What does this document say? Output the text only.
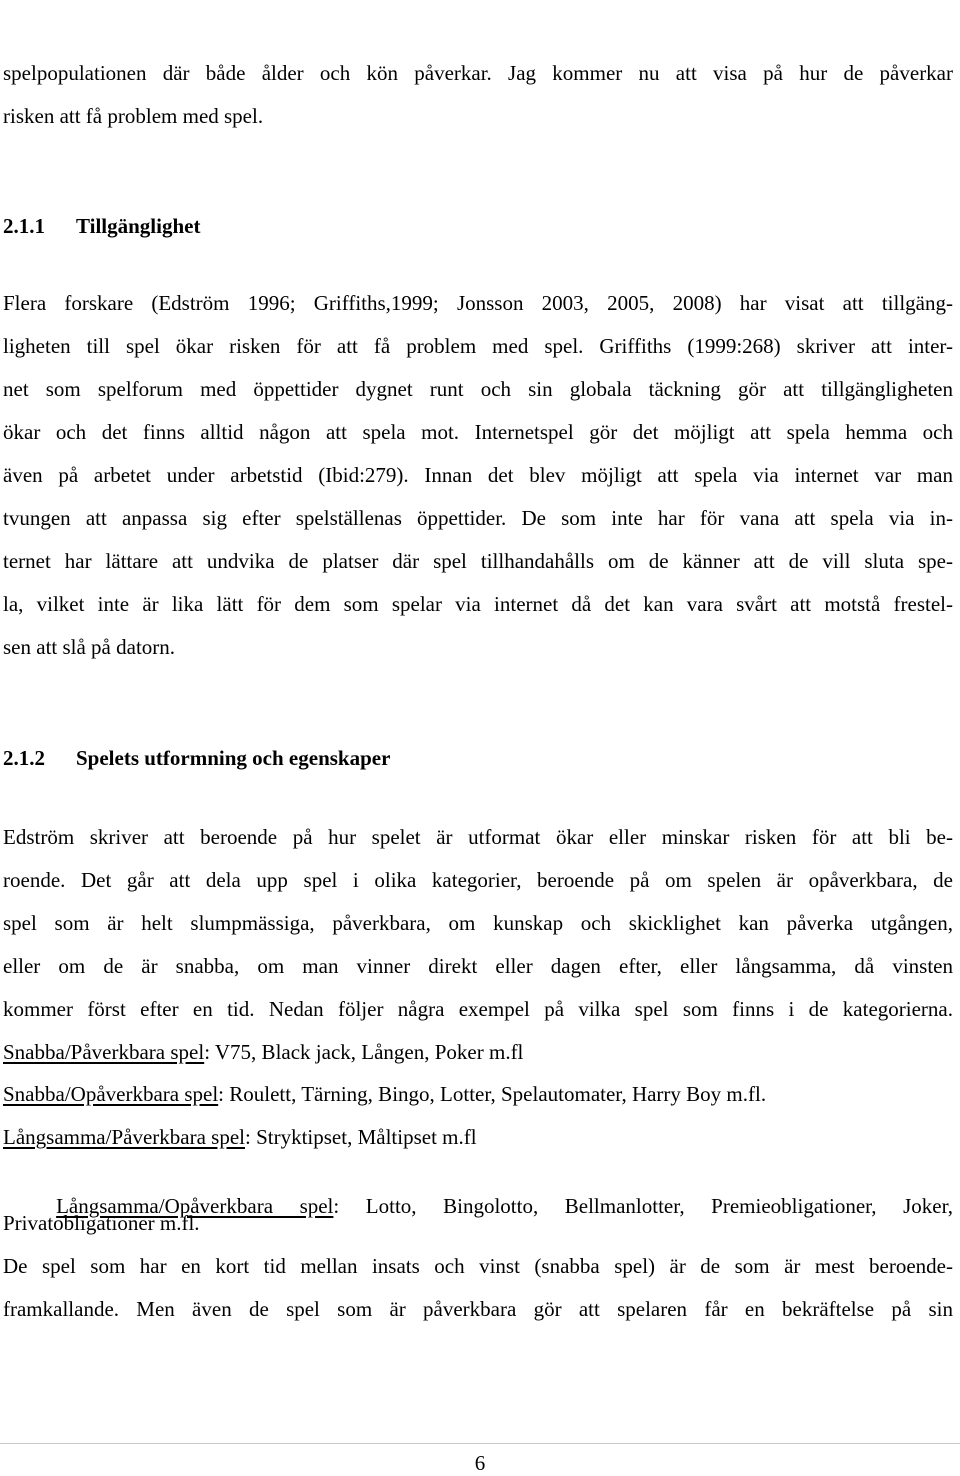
spelpopulationen där både ålder och kön påverkar. Jag kommer nu att visa på hur de påverkar
risken att få problem med spel.
2.1.1 Tillgänglighet
Flera forskare (Edström 1996; Griffiths,1999; Jonsson 2003, 2005, 2008) har visat att tillgäng-
ligheten till spel ökar risken för att få problem med spel. Griffiths (1999:268) skriver att inter-
net som spelforum med öppettider dygnet runt och sin globala täckning gör att tillgängligheten
ökar och det finns alltid någon att spela mot. Internetspel gör det möjligt att spela hemma och
även på arbetet under arbetstid (Ibid:279). Innan det blev möjligt att spela via internet var man
tvungen att anpassa sig efter spelställenas öppettider. De som inte har för vana att spela via in-
ternet har lättare att undvika de platser där spel tillhandahålls om de känner att de vill sluta spe-
la, vilket inte är lika lätt för dem som spelar via internet då det kan vara svårt att motstå frestel-
sen att slå på datorn.
2.1.2 Spelets utformning och egenskaper
Edström skriver att beroende på hur spelet är utformat ökar eller minskar risken för att bli be-
roende. Det går att dela upp spel i olika kategorier, beroende på om spelen är opåverkbara, de
spel som är helt slumpmässiga, påverkbara, om kunskap och skicklighet kan påverka utgången,
eller om de är snabba, om man vinner direkt eller dagen efter, eller långsamma, då vinsten
kommer först efter en tid. Nedan följer några exempel på vilka spel som finns i de kategorierna.
Snabba/Påverkbara spel: V75, Black jack, Lången, Poker m.fl
Snabba/Opåverkbara spel: Roulett, Tärning, Bingo, Lotter, Spelautomater, Harry Boy m.fl.
Långsamma/Påverkbara spel: Stryktipset, Måltipset m.fl

Långsamma/Opåverkbara  spel:  Lotto,  Bingolotto,  Bellmanlotter,  Premieobligationer,  Joker,

Privatobligationer m.fl.
De spel som har en kort tid mellan insats och vinst (snabba spel) är de som är mest beroende-
framkallande. Men även de spel som är påverkbara gör att spelaren får en bekräftelse på sin
6
